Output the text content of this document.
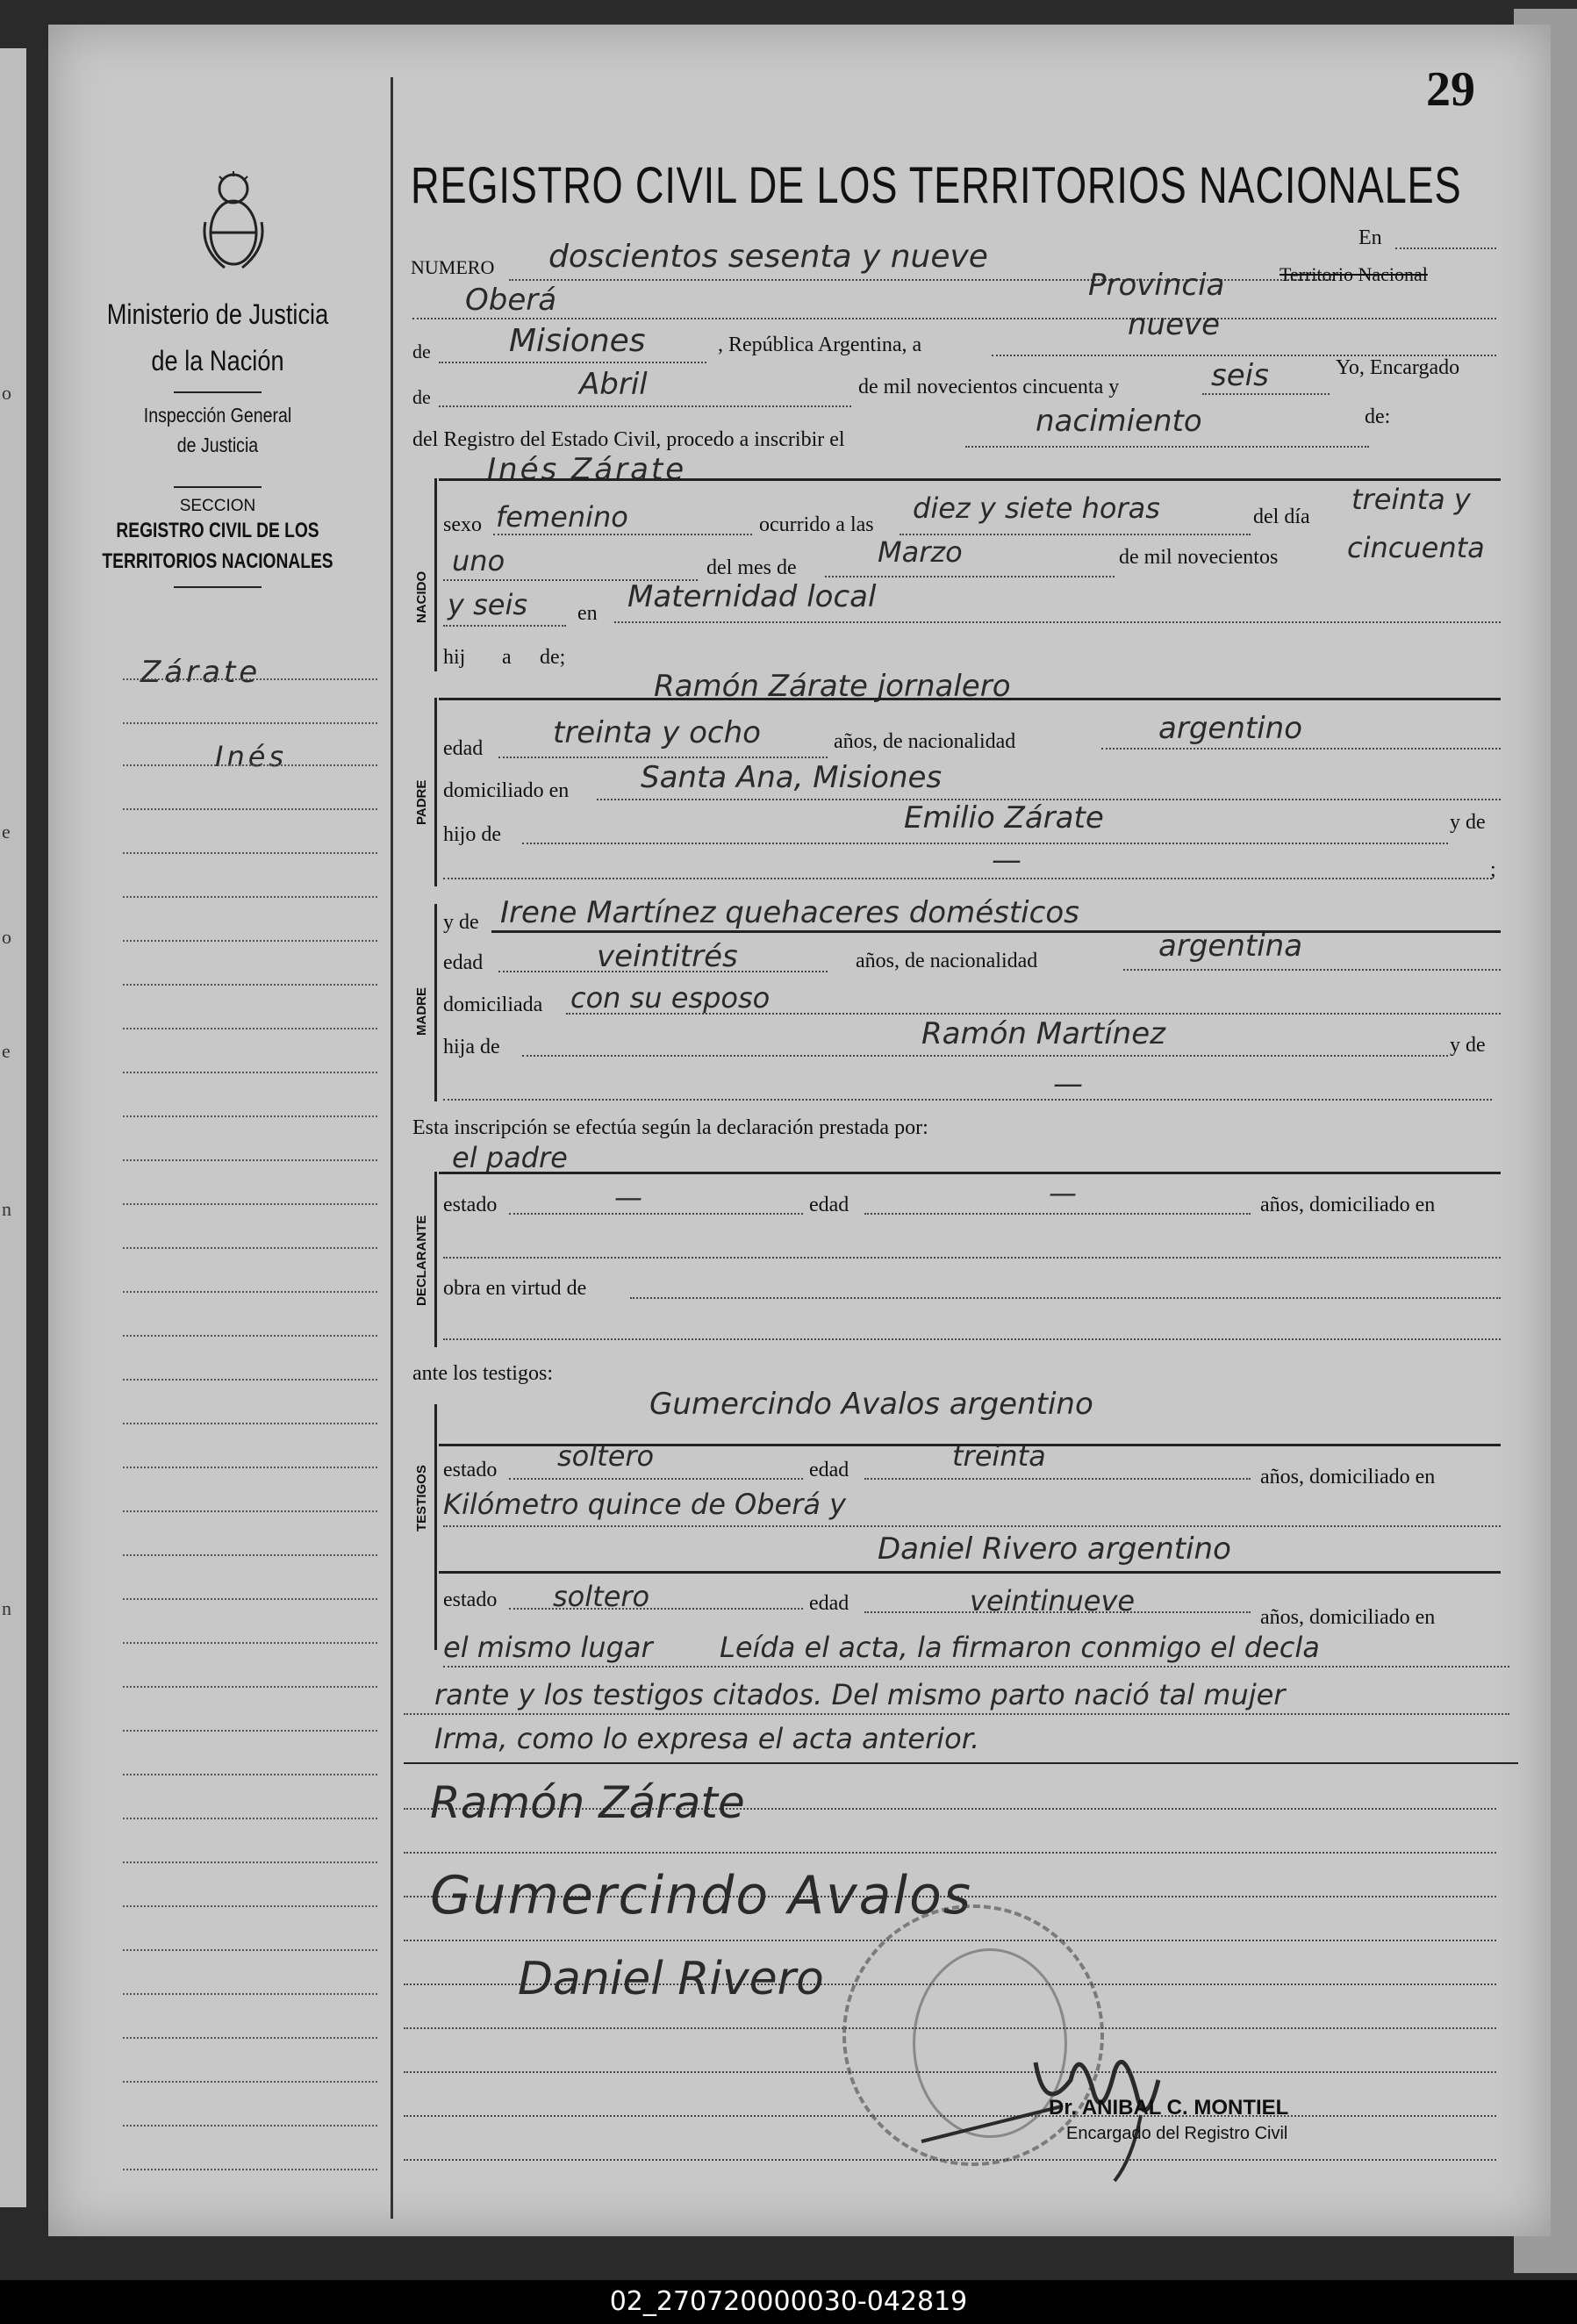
o
o
e
e
n
n
Ministerio de Justicia
de la Nación
Inspección General
de Justicia
SECCION
REGISTRO CIVIL DE LOS
TERRITORIOS NACIONALES
Zárate
Inés
29
REGISTRO CIVIL DE LOS TERRITORIOS NACIONALES
NUMERO doscientos sesenta y nueve
En
Oberá	Provincia	Territorio Nacional
de Misiones	, República Argentina, a
nueve
de	Abril	de mil novecientos cincuenta y	seis	Yo, Encargado
del Registro del Estado Civil, procedo a inscribir el
nacimiento	de:
NACIDO
Inés Zárate
sexo femenino	ocurrido a las diez y siete horas	del día
treinta y
uno	del mes de	Marzo	de mil novecientos cincuenta
y seis en Maternidad local
hij a de;
PADRE
Ramón Zárate jornalero
edad treinta y ocho	años, de nacionalidad	argentino
domiciliado en Santa Ana, Misiones
hijo de	Emilio Zárate	y de
—	;
MADRE
y de Irene Martínez quehaceres domésticos
edad	veintitrés	años, de nacionalidad	argentina
domiciliada con su esposo
hija de	Ramón Martínez	y de
—
Esta inscripción se efectúa según la declaración prestada por:
DECLARANTE
el padre
estado	—	edad	—	años, domiciliado en
obra en virtud de
ante los testigos:
TESTIGOS
Gumercindo Avalos argentino
estado soltero	edad	treinta
años, domiciliado en
Kilómetro quince de Oberá y
Daniel Rivero argentino
estado soltero	edad	veintinueve	años, domiciliado en
el mismo lugar Leída el acta, la firmaron conmigo el decla
rante y los testigos citados. Del mismo parto nació tal mujer
Irma, como lo expresa el acta anterior.
Ramón Zárate
Gumercindo Avalos
Daniel Rivero
Dr. ANIBAL C. MONTIEL
Encargado del Registro Civil
02_270720000030-042819
